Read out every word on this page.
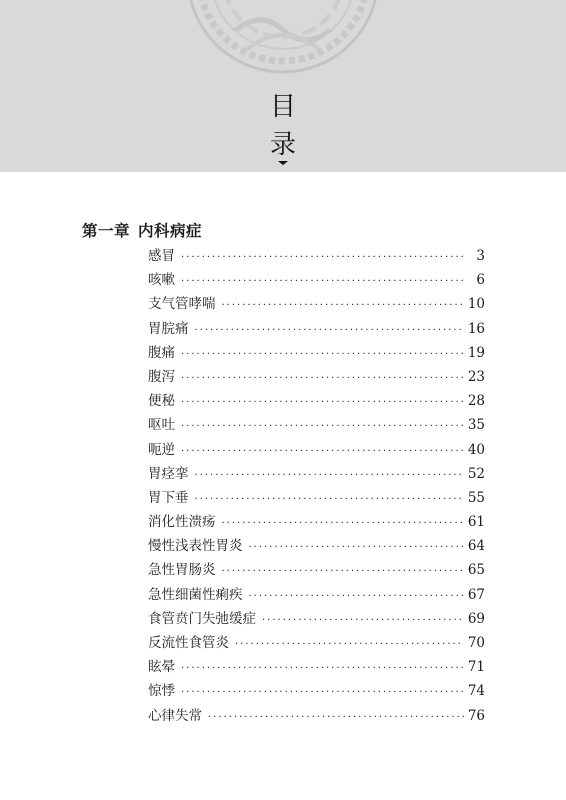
目
录
第一章 内科病症
感冒 ·····	3
咳嗽 ·····	6
支气管哮喘 ·····	10
胃脘痛 ·····	16
腹痛 ·····	19
腹泻 ·····	23
便秘 ·····	28
呕吐 ·····	35
呃逆 ·····	40
胃痉挛 ·····	52
胃下垂 ·····	55
消化性溃疡 ·····	61
慢性浅表性胃炎 ·····	64
急性胃肠炎 ·····	65
急性细菌性痢疾 ·····	67
食管贲门失弛缓症 ·····	69
反流性食管炎 ·····	70
眩晕 ·····	71
惊悸 ·····	74
心律失常 ·····	76
